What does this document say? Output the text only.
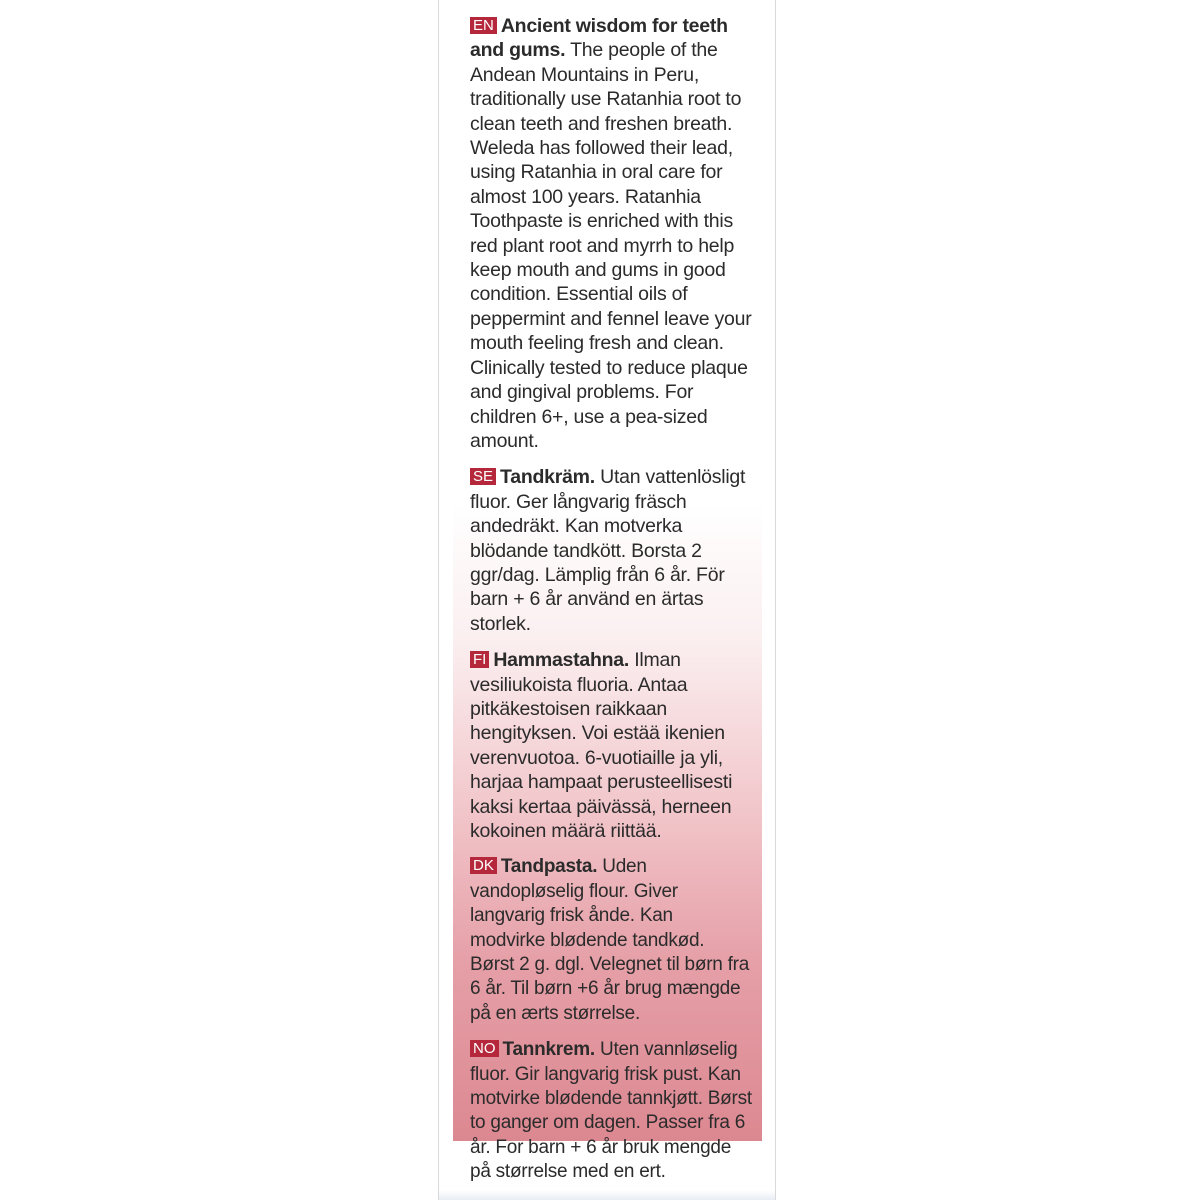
EN Ancient wisdom for teeth and gums. The people of the Andean Mountains in Peru, traditionally use Ratanhia root to clean teeth and freshen breath. Weleda has followed their lead, using Ratanhia in oral care for almost 100 years. Ratanhia Toothpaste is enriched with this red plant root and myrrh to help keep mouth and gums in good condition. Essential oils of peppermint and fennel leave your mouth feeling fresh and clean. Clinically tested to reduce plaque and gingival problems. For children 6+, use a pea-sized amount.

SE Tandkräm. Utan vattenlösligt fluor. Ger långvarig fräsch andedräkt. Kan motverka blödande tandkött. Borsta 2 ggr/dag. Lämplig från 6 år. För barn + 6 år använd en ärtas storlek.

FI Hammastahna. Ilman vesiliukoista fluoria. Antaa pitkäkestoisen raikkaan hengityksen. Voi estää ikenien verenvuotoa. 6-vuotiaille ja yli, harjaa hampaat perusteellisesti kaksi kertaa päivässä, herneen kokoinen määrä riittää.

DK Tandpasta. Uden vandopløselig flour. Giver langvarig frisk ånde. Kan modvirke blødende tandkød. Børst 2 g. dgl. Velegnet til børn fra 6 år. Til børn +6 år brug mængde på en ærts størrelse.

NO Tannkrem. Uten vannløselig fluor. Gir langvarig frisk pust. Kan motvirke blødende tannkjøtt. Børst to ganger om dagen. Passer fra 6 år. For barn + 6 år bruk mengde på størrelse med en ert.
